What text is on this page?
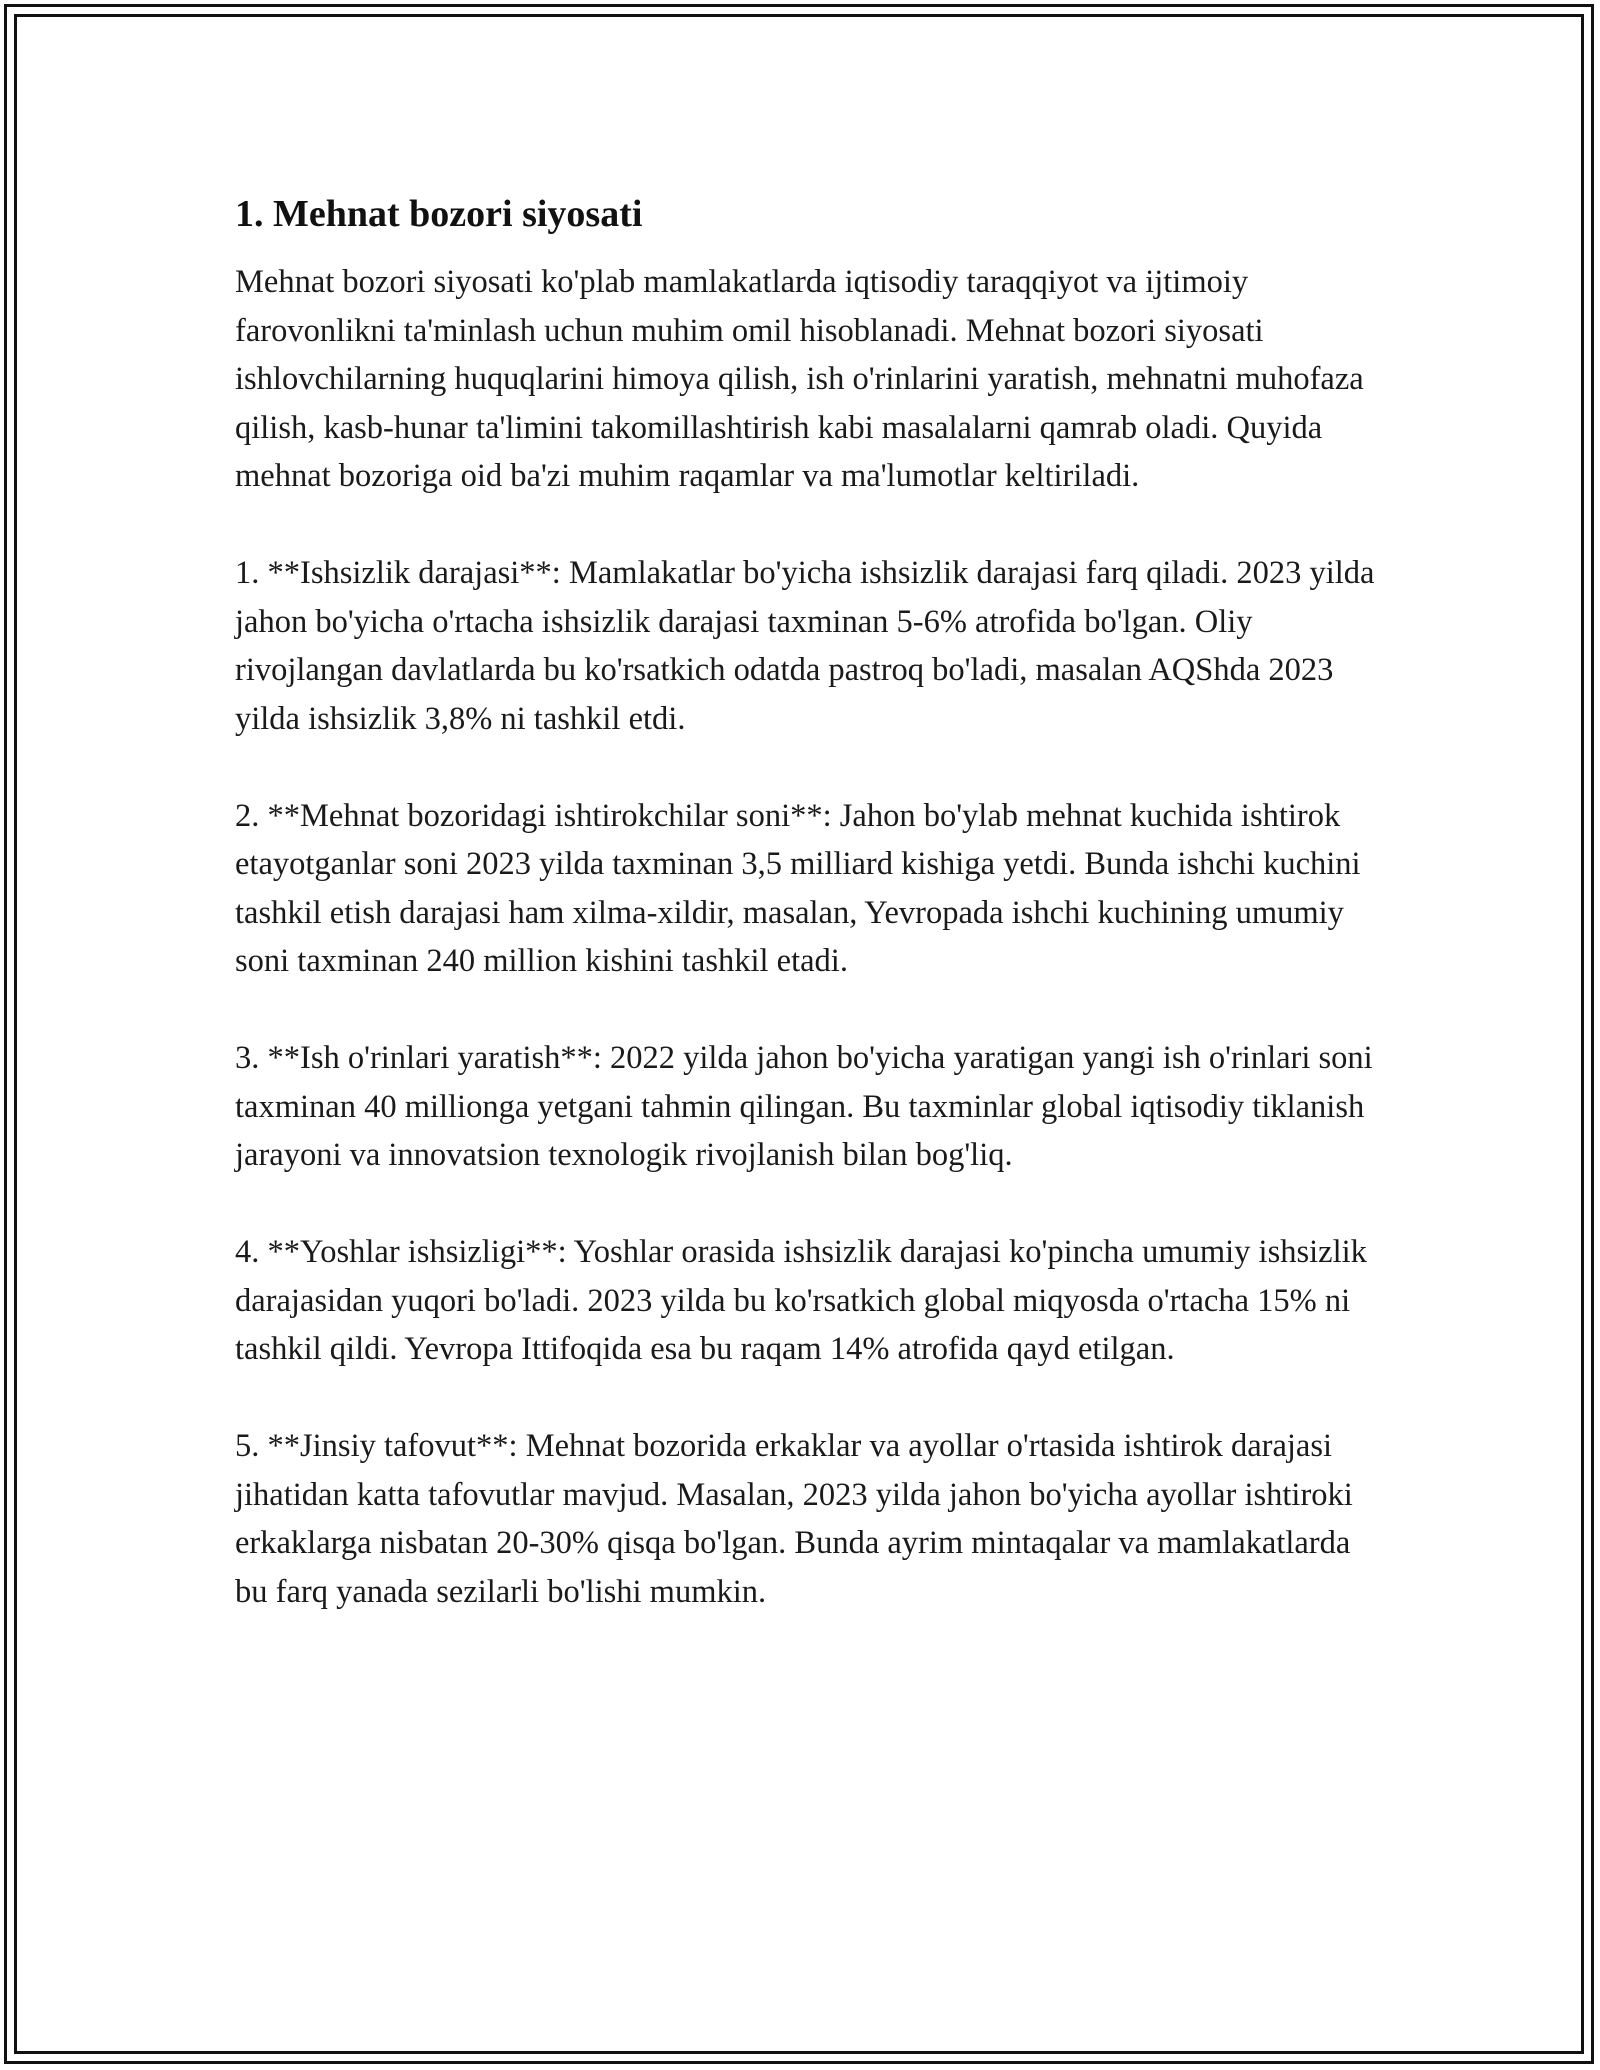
1. Mehnat bozori siyosati

Mehnat bozori siyosati ko'plab mamlakatlarda iqtisodiy taraqqiyot va ijtimoiy farovonlikni ta'minlash uchun muhim omil hisoblanadi. Mehnat bozori siyosati ishlovchilarning huquqlarini himoya qilish, ish o'rinlarini yaratish, mehnatni muhofaza qilish, kasb-hunar ta'limini takomillashtirish kabi masalalarni qamrab oladi. Quyida mehnat bozoriga oid ba'zi muhim raqamlar va ma'lumotlar keltiriladi.

1. **Ishsizlik darajasi**: Mamlakatlar bo'yicha ishsizlik darajasi farq qiladi. 2023 yilda jahon bo'yicha o'rtacha ishsizlik darajasi taxminan 5-6% atrofida bo'lgan. Oliy rivojlangan davlatlarda bu ko'rsatkich odatda pastroq bo'ladi, masalan AQShda 2023 yilda ishsizlik 3,8% ni tashkil etdi.

2. **Mehnat bozoridagi ishtirokchilar soni**: Jahon bo'ylab mehnat kuchida ishtirok etayotganlar soni 2023 yilda taxminan 3,5 milliard kishiga yetdi. Bunda ishchi kuchini tashkil etish darajasi ham xilma-xildir, masalan, Yevropada ishchi kuchining umumiy soni taxminan 240 million kishini tashkil etadi.

3. **Ish o'rinlari yaratish**: 2022 yilda jahon bo'yicha yaratigan yangi ish o'rinlari soni taxminan 40 millionga yetgani tahmin qilingan. Bu taxminlar global iqtisodiy tiklanish jarayoni va innovatsion texnologik rivojlanish bilan bog'liq.

4. **Yoshlar ishsizligi**: Yoshlar orasida ishsizlik darajasi ko'pincha umumiy ishsizlik darajasidan yuqori bo'ladi. 2023 yilda bu ko'rsatkich global miqyosda o'rtacha 15% ni tashkil qildi. Yevropa Ittifoqida esa bu raqam 14% atrofida qayd etilgan.

5. **Jinsiy tafovut**: Mehnat bozorida erkaklar va ayollar o'rtasida ishtirok darajasi jihatidan katta tafovutlar mavjud. Masalan, 2023 yilda jahon bo'yicha ayollar ishtiroki erkaklarga nisbatan 20-30% qisqa bo'lgan. Bunda ayrim mintaqalar va mamlakatlarda bu farq yanada sezilarli bo'lishi mumkin.
